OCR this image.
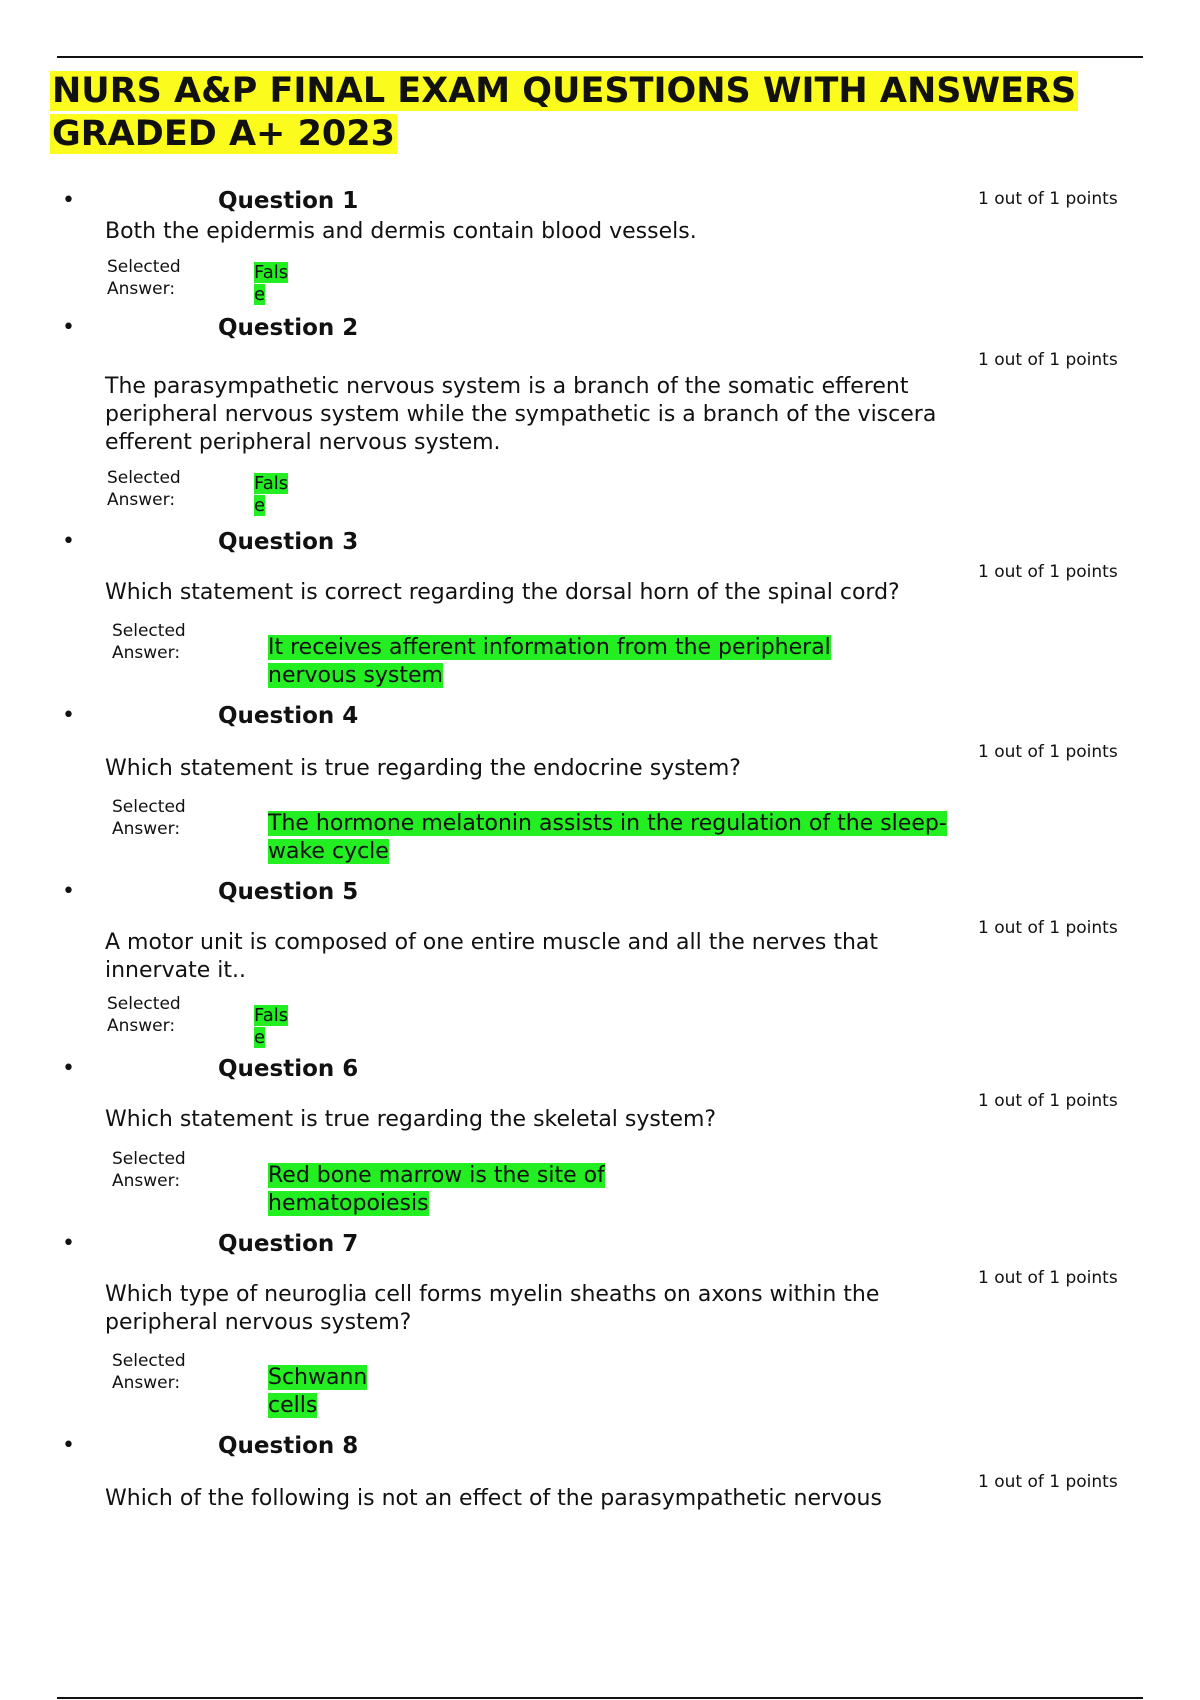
NURS A&P FINAL EXAM QUESTIONS WITH ANSWERS GRADED A+ 2023
•	Question 1	1 out of 1 points
Both the epidermis and dermis contain blood vessels.
Selected Answer:
False
•	Question 2
1 out of 1 points
The parasympathetic nervous system is a branch of the somatic efferent peripheral nervous system while the sympathetic is a branch of the viscera efferent peripheral nervous system.
Selected Answer:
False
•	Question 3
1 out of 1 points
Which statement is correct regarding the dorsal horn of the spinal cord?
Selected Answer:	It receives afferent information from the peripheral nervous system
•	Question 4
1 out of 1 points
Which statement is true regarding the endocrine system?
Selected Answer:	The hormone melatonin assists in the regulation of the sleep-wake cycle
•	Question 5
1 out of 1 points
A motor unit is composed of one entire muscle and all the nerves that innervate it..
Selected Answer:	False
•	Question 6
1 out of 1 points
Which statement is true regarding the skeletal system?
Selected Answer:	Red bone marrow is the site of hematopoiesis
•	Question 7
1 out of 1 points
Which type of neuroglia cell forms myelin sheaths on axons within the peripheral nervous system?
Selected Answer:	Schwann cells
•	Question 8
1 out of 1 points
Which of the following is not an effect of the parasympathetic nervous
